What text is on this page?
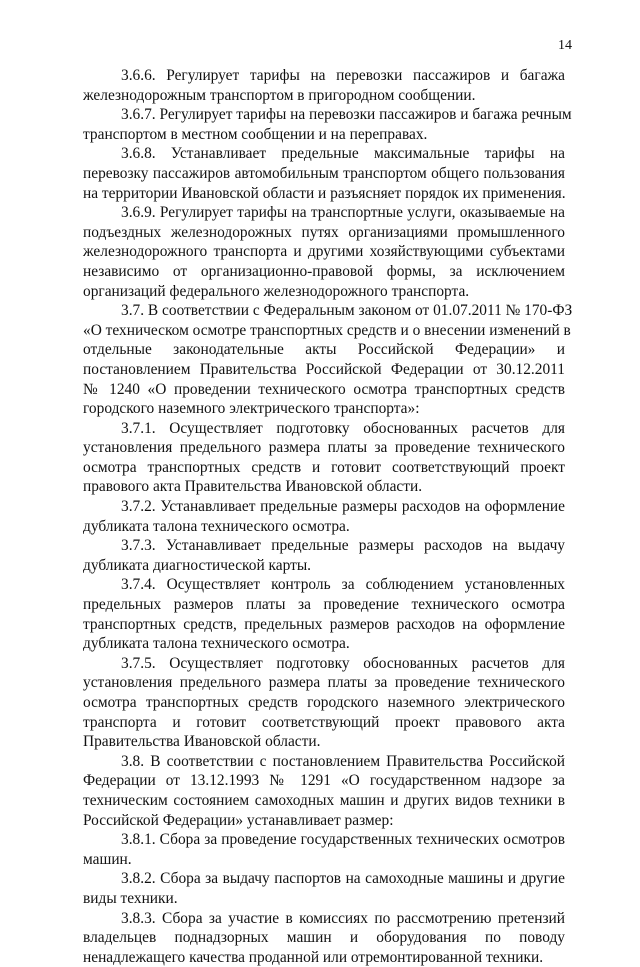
14
3.6.6. Регулирует тарифы на перевозки пассажиров и багажа
железнодорожным транспортом в пригородном сообщении.
3.6.7. Регулирует тарифы на перевозки пассажиров и багажа речным
транспортом в местном сообщении и на переправах.
3.6.8. Устанавливает предельные максимальные тарифы на
перевозку пассажиров автомобильным транспортом общего пользования
на территории Ивановской области и разъясняет порядок их применения.
3.6.9. Регулирует тарифы на транспортные услуги, оказываемые на
подъездных железнодорожных путях организациями промышленного
железнодорожного транспорта и другими хозяйствующими субъектами
независимо от организационно-правовой формы, за исключением
организаций федерального железнодорожного транспорта.
3.7. В соответствии с Федеральным законом от 01.07.2011 № 170-ФЗ
«О техническом осмотре транспортных средств и о внесении изменений в
отдельные законодательные акты Российской Федерации» и
постановлением Правительства Российской Федерации от 30.12.2011
№ 1240 «О проведении технического осмотра транспортных средств
городского наземного электрического транспорта»:
3.7.1. Осуществляет подготовку обоснованных расчетов для
установления предельного размера платы за проведение технического
осмотра транспортных средств и готовит соответствующий проект
правового акта Правительства Ивановской области.
3.7.2. Устанавливает предельные размеры расходов на оформление
дубликата талона технического осмотра.
3.7.3. Устанавливает предельные размеры расходов на выдачу
дубликата диагностической карты.
3.7.4. Осуществляет контроль за соблюдением установленных
предельных размеров платы за проведение технического осмотра
транспортных средств, предельных размеров расходов на оформление
дубликата талона технического осмотра.
3.7.5. Осуществляет подготовку обоснованных расчетов для
установления предельного размера платы за проведение технического
осмотра транспортных средств городского наземного электрического
транспорта и готовит соответствующий проект правового акта
Правительства Ивановской области.
3.8. В соответствии с постановлением Правительства Российской
Федерации от 13.12.1993 № 1291 «О государственном надзоре за
техническим состоянием самоходных машин и других видов техники в
Российской Федерации» устанавливает размер:
3.8.1. Сбора за проведение государственных технических осмотров
машин.
3.8.2. Сбора за выдачу паспортов на самоходные машины и другие
виды техники.
3.8.3. Сбора за участие в комиссиях по рассмотрению претензий
владельцев поднадзорных машин и оборудования по поводу
ненадлежащего качества проданной или отремонтированной техники.
